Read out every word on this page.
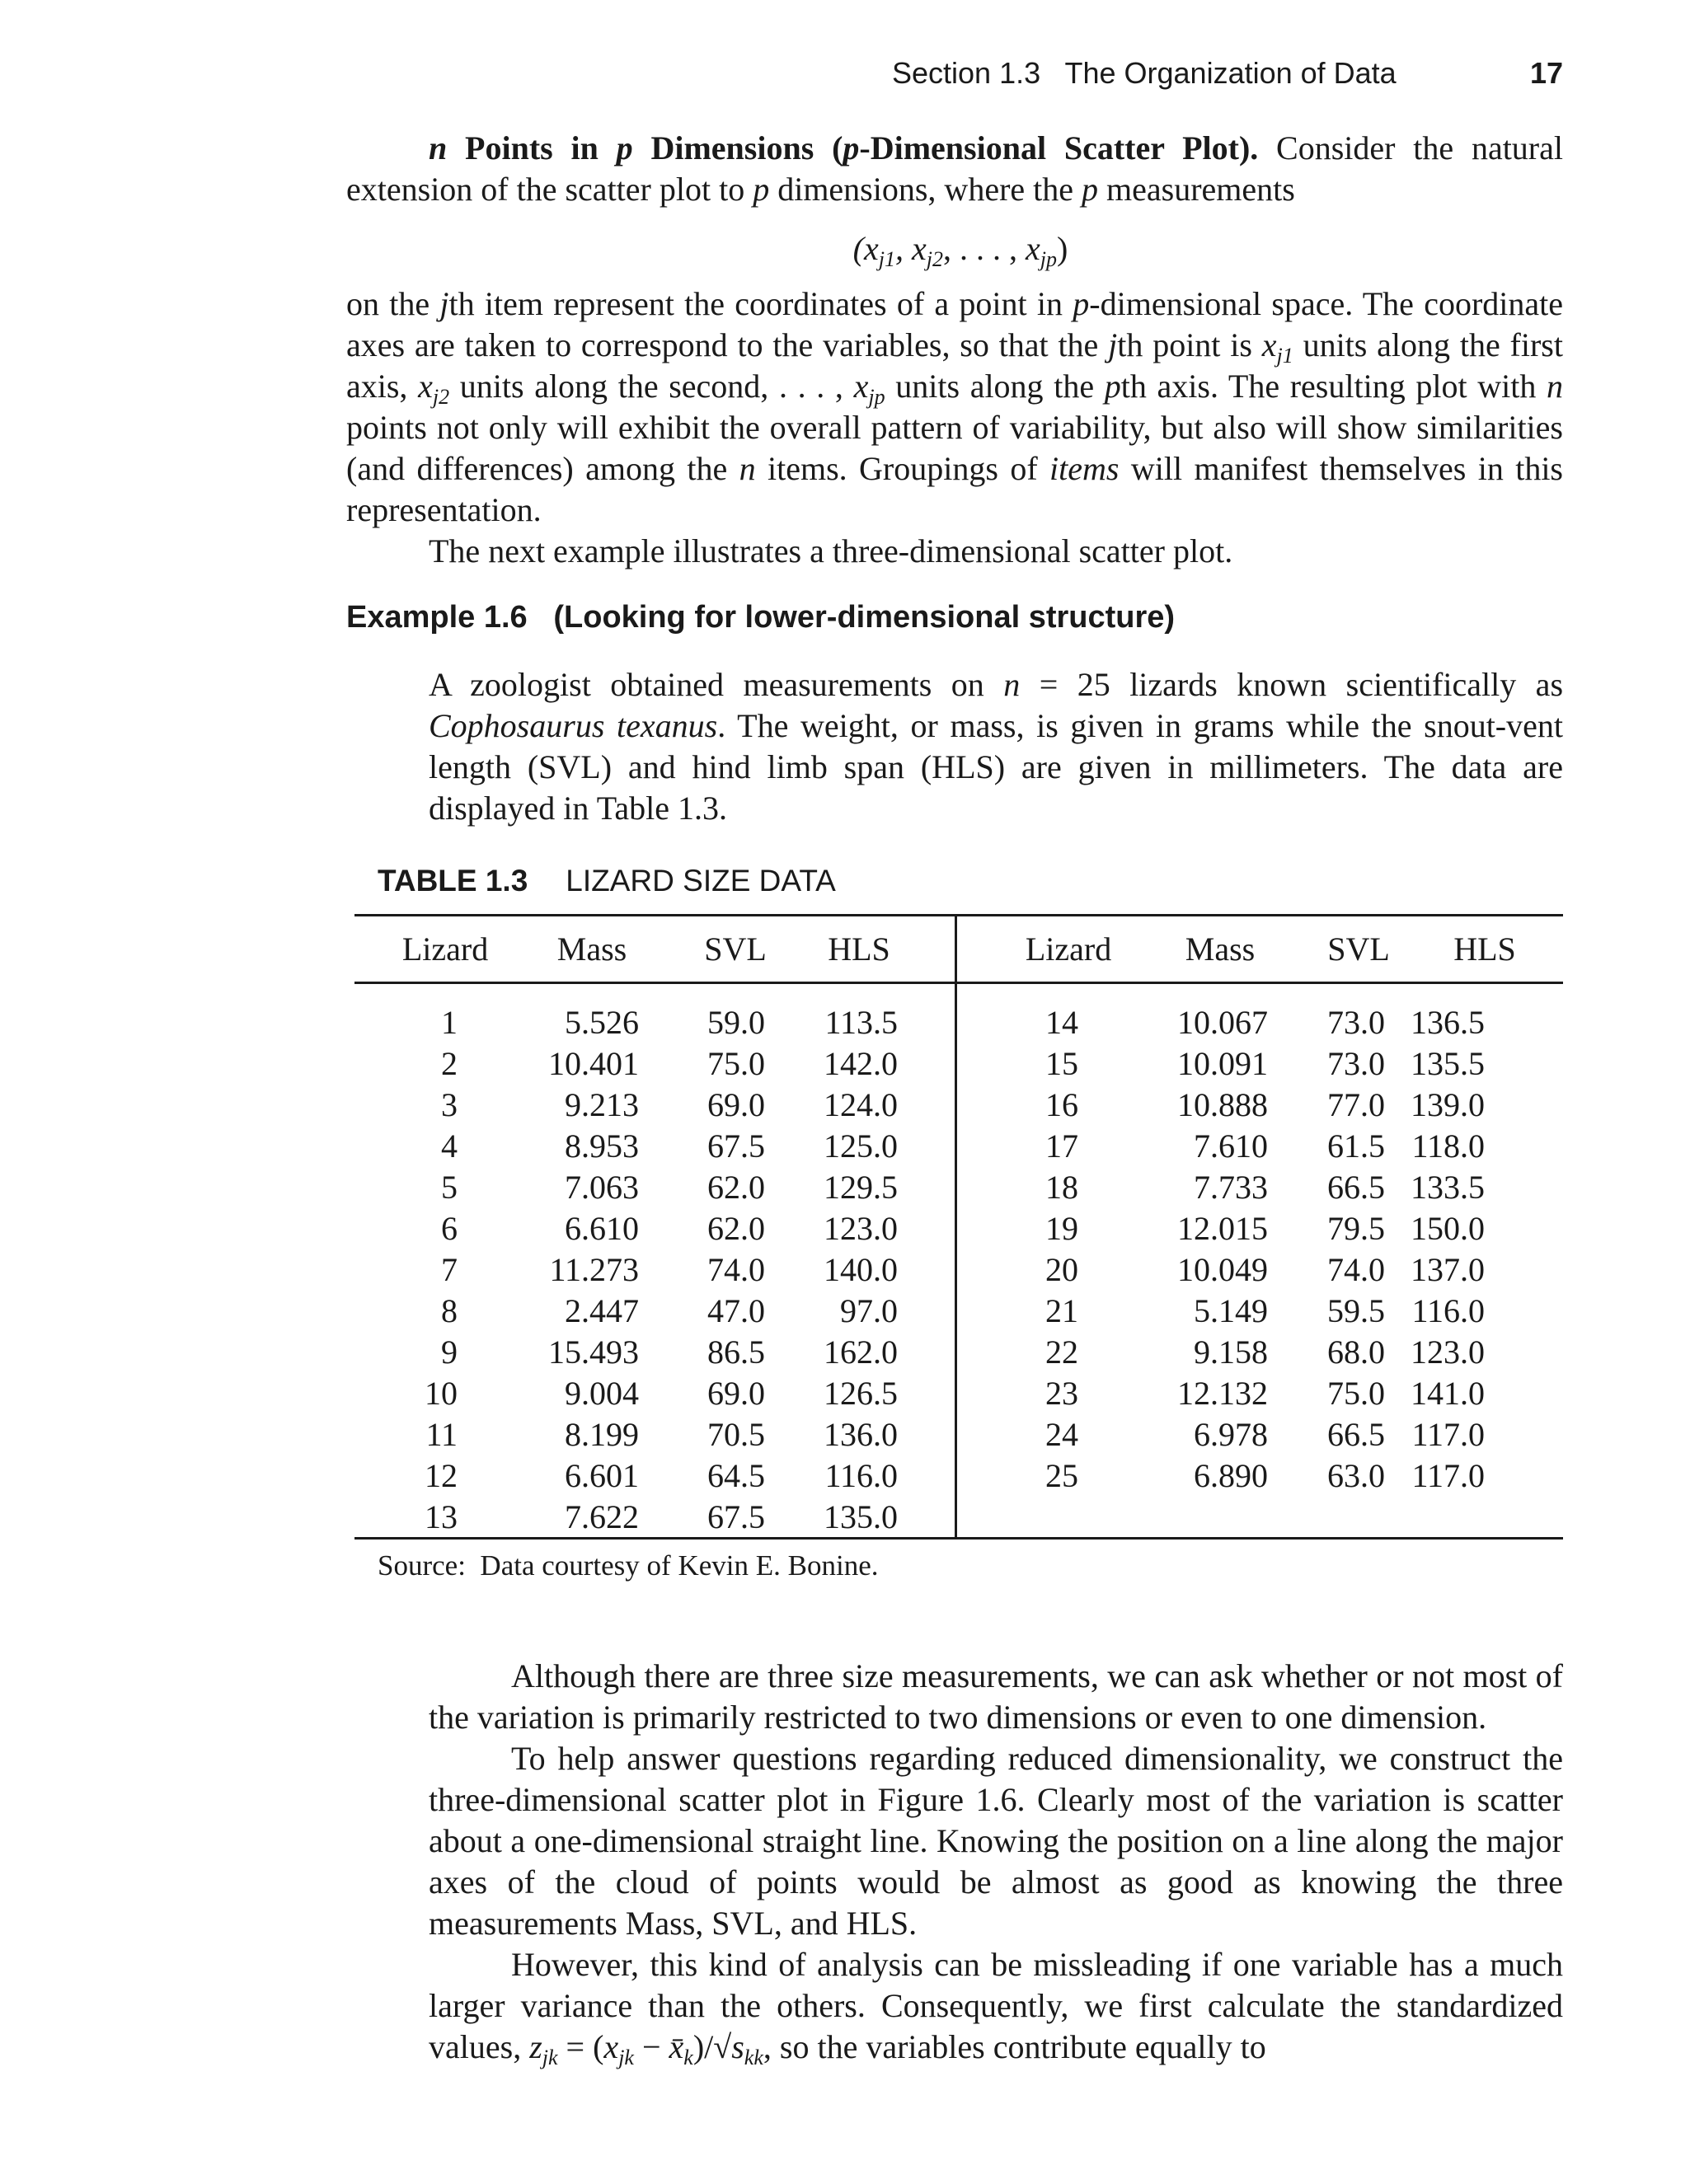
Section 1.3   The Organization of Data	17

n Points in p Dimensions (p-Dimensional Scatter Plot). Consider the natural extension of the scatter plot to p dimensions, where the p measurements

($x_{j1}$, $x_{j2}$, . . . , $x_{jp}$)

on the jth item represent the coordinates of a point in p-dimensional space. The coordinate axes are taken to correspond to the variables, so that the jth point is $x_{j1}$ units along the first axis, $x_{j2}$ units along the second, . . . , $x_{jp}$ units along the pth axis. The resulting plot with n points not only will exhibit the overall pattern of variability, but also will show similarities (and differences) among the n items. Groupings of items will manifest themselves in this representation.

The next example illustrates a three-dimensional scatter plot.

Example 1.6   (Looking for lower-dimensional structure)

A zoologist obtained measurements on n = 25 lizards known scientifically as Cophosaurus texanus. The weight, or mass, is given in grams while the snout-vent length (SVL) and hind limb span (HLS) are given in millimeters. The data are displayed in Table 1.3.

TABLE 1.3 LIZARD SIZE DATA
Lizard Mass SVL HLS	Lizard Mass SVL HLS
1	5.526 59.0 113.5
2	10.401 75.0 142.0
3	9.213 69.0 124.0
4	8.953 67.5 125.0
5	7.063 62.0 129.5
6	6.610 62.0 123.0
7	11.273 74.0 140.0
8	2.447 47.0 97.0
9	15.493 86.5 162.0
10	9.004 69.0 126.5
11	8.199 70.5 136.0
12	6.601 64.5 116.0
13	7.622 67.5 135.0
14	10.067 73.0 136.5
15	10.091 73.0 135.5
16	10.888 77.0 139.0
17	7.610 61.5 118.0
18	7.733 66.5 133.5
19	12.015 79.5 150.0
20	10.049 74.0 137.0
21	5.149 59.5 116.0
22	9.158 68.0 123.0
23	12.132 75.0 141.0
24	6.978 66.5 117.0
25	6.890 63.0 117.0
Source:  Data courtesy of Kevin E. Bonine.

Although there are three size measurements, we can ask whether or not most of the variation is primarily restricted to two dimensions or even to one dimension.

To help answer questions regarding reduced dimensionality, we construct the three-dimensional scatter plot in Figure 1.6. Clearly most of the variation is scatter about a one-dimensional straight line. Knowing the position on a line along the major axes of the cloud of points would be almost as good as knowing the three measurements Mass, SVL, and HLS.

However, this kind of analysis can be missleading if one variable has a much larger variance than the others. Consequently, we first calculate the standardized values, $z_{jk} = (x_{jk}$ − $x̄_k)/√s_{kk}$, so the variables contribute equally to
